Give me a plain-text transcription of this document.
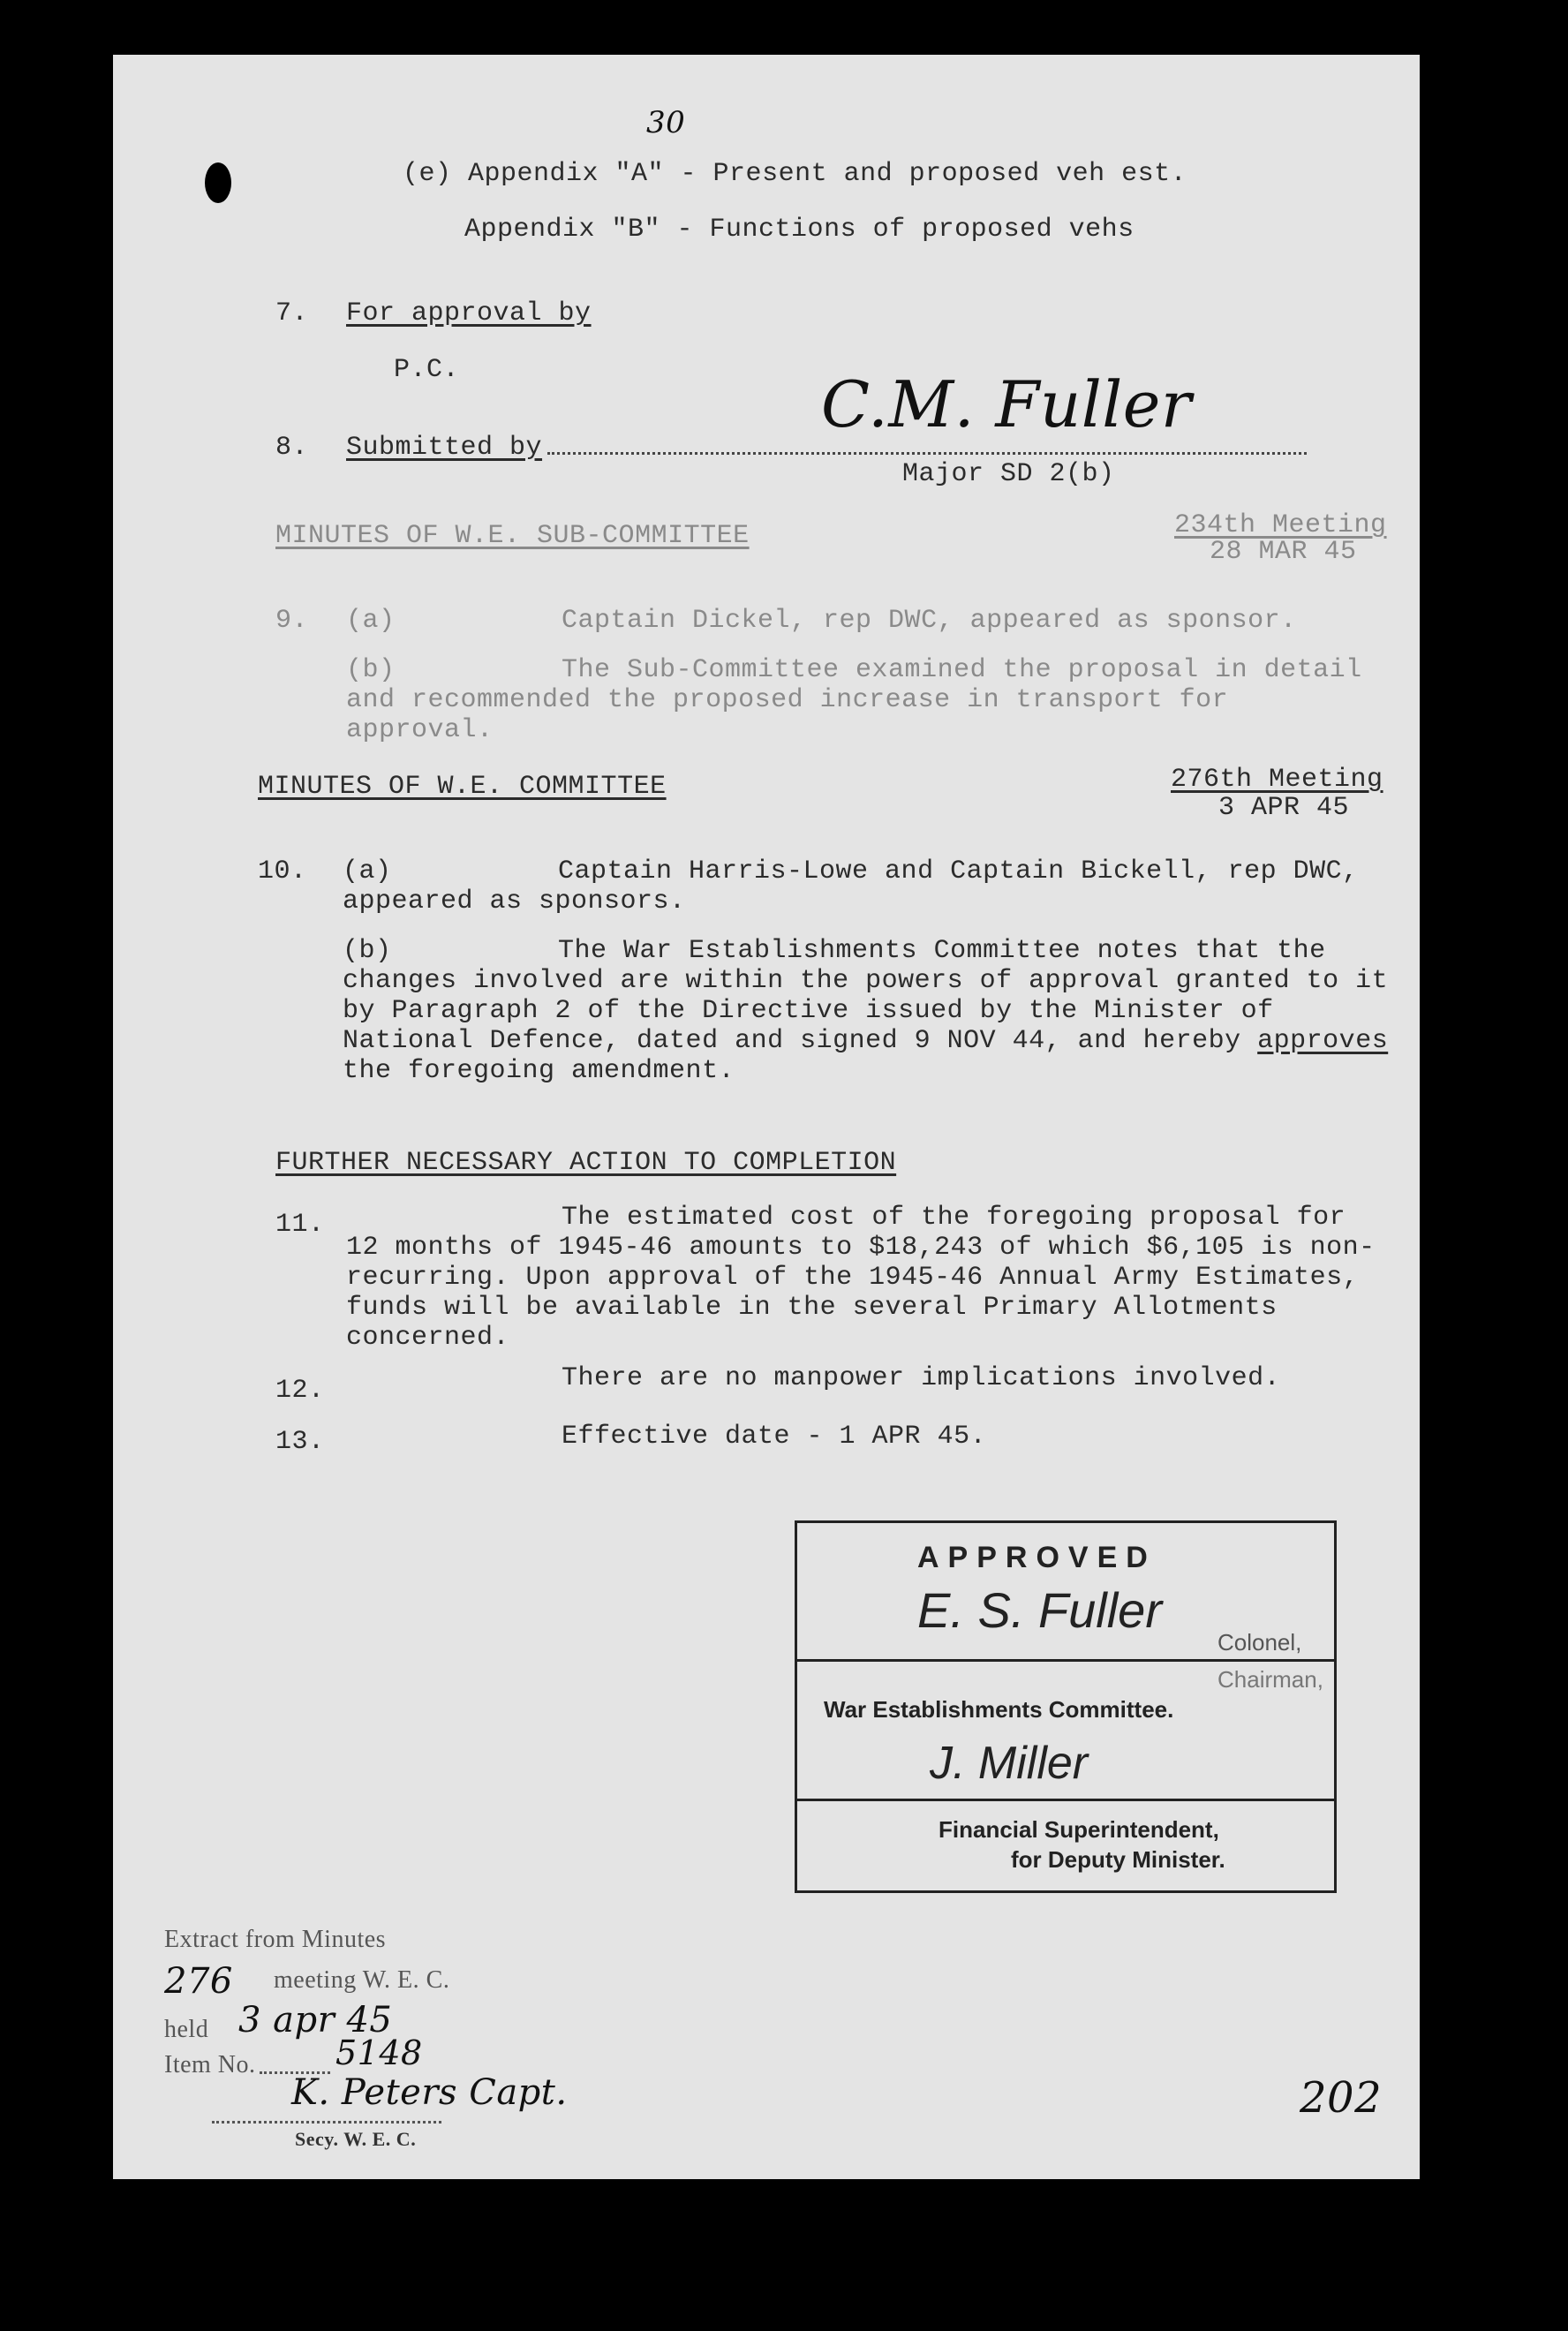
30
(e) Appendix "A" - Present and proposed veh est.
Appendix "B" - Functions of proposed vehs
7. For approval by
P.C.
8. Submitted by
C.M. Fuller
Major SD 2(b)
MINUTES OF W.E. SUB-COMMITTEE	234th Meeting
28 MAR 45
9. (a)	Captain Dickel, rep DWC, appeared as sponsor.
(b)	The Sub-Committee examined the proposal in detail
and recommended the proposed increase in transport for
approval.
MINUTES OF W.E. COMMITTEE	276th Meeting
3 APR 45
10. (a)	Captain Harris-Lowe and Captain Bickell, rep DWC,
appeared as sponsors.
(b)	The War Establishments Committee notes that the
changes involved are within the powers of approval granted to it
by Paragraph 2 of the Directive issued by the Minister of
National Defence, dated and signed 9 NOV 44, and hereby approves
the foregoing amendment.
FURTHER NECESSARY ACTION TO COMPLETION
11.	The estimated cost of the foregoing proposal for
12 months of 1945-46 amounts to $18,243 of which $6,105 is non-
recurring. Upon approval of the 1945-46 Annual Army Estimates,
funds will be available in the several Primary Allotments
concerned.
12.	There are no manpower implications involved.
13.	Effective date - 1 APR 45.
APPROVED
E. S. Fuller
Colonel,
Chairman,
War Establishments Committee.
J. Miller
Financial Superintendent,
for Deputy Minister.
Extract from Minutes
276 meeting W. E. C.
held 3 apr 45
Item No. 5148
K. Peters Capt.
Secy. W. E. C.
202
